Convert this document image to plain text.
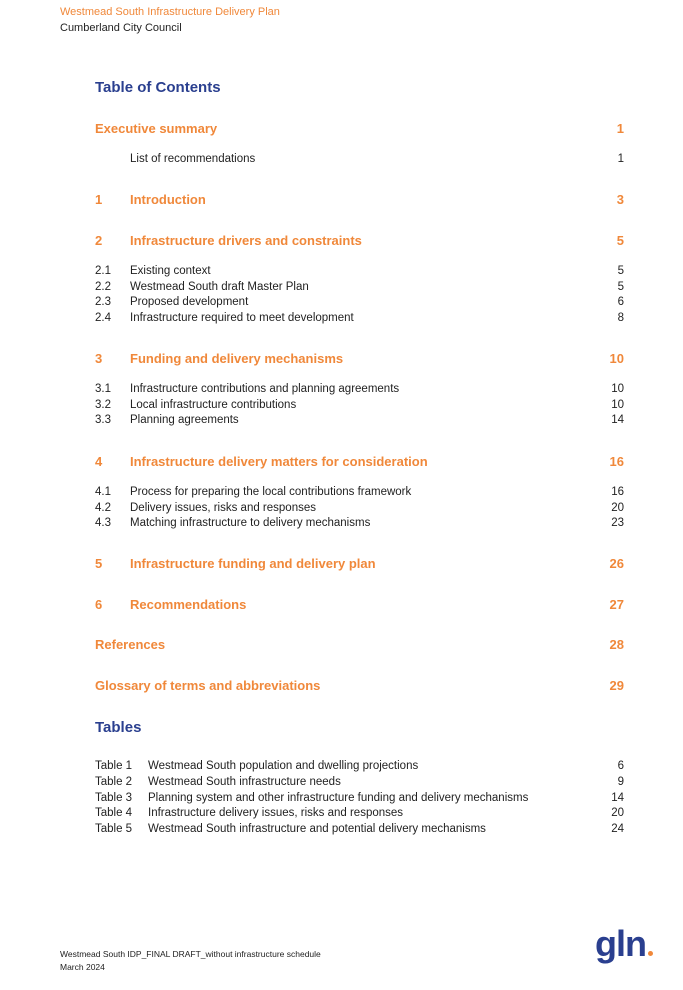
Westmead South Infrastructure Delivery Plan
Cumberland City Council
Table of Contents
Executive summary	1
List of recommendations	1
1 Introduction	3
2 Infrastructure drivers and constraints	5
2.1 Existing context	5
2.2 Westmead South draft Master Plan	5
2.3 Proposed development	6
2.4 Infrastructure required to meet development	8
3 Funding and delivery mechanisms	10
3.1 Infrastructure contributions and planning agreements	10
3.2 Local infrastructure contributions	10
3.3 Planning agreements	14
4 Infrastructure delivery matters for consideration	16
4.1 Process for preparing the local contributions framework	16
4.2 Delivery issues, risks and responses	20
4.3 Matching infrastructure to delivery mechanisms	23
5 Infrastructure funding and delivery plan	26
6 Recommendations	27
References	28
Glossary of terms and abbreviations	29
Tables
Table 1 Westmead South population and dwelling projections	6
Table 2 Westmead South infrastructure needs	9
Table 3 Planning system and other infrastructure funding and delivery mechanisms	14
Table 4 Infrastructure delivery issues, risks and responses	20
Table 5 Westmead South infrastructure and potential delivery mechanisms	24
Westmead South IDP_FINAL DRAFT_without infrastructure schedule
March 2024
gln
